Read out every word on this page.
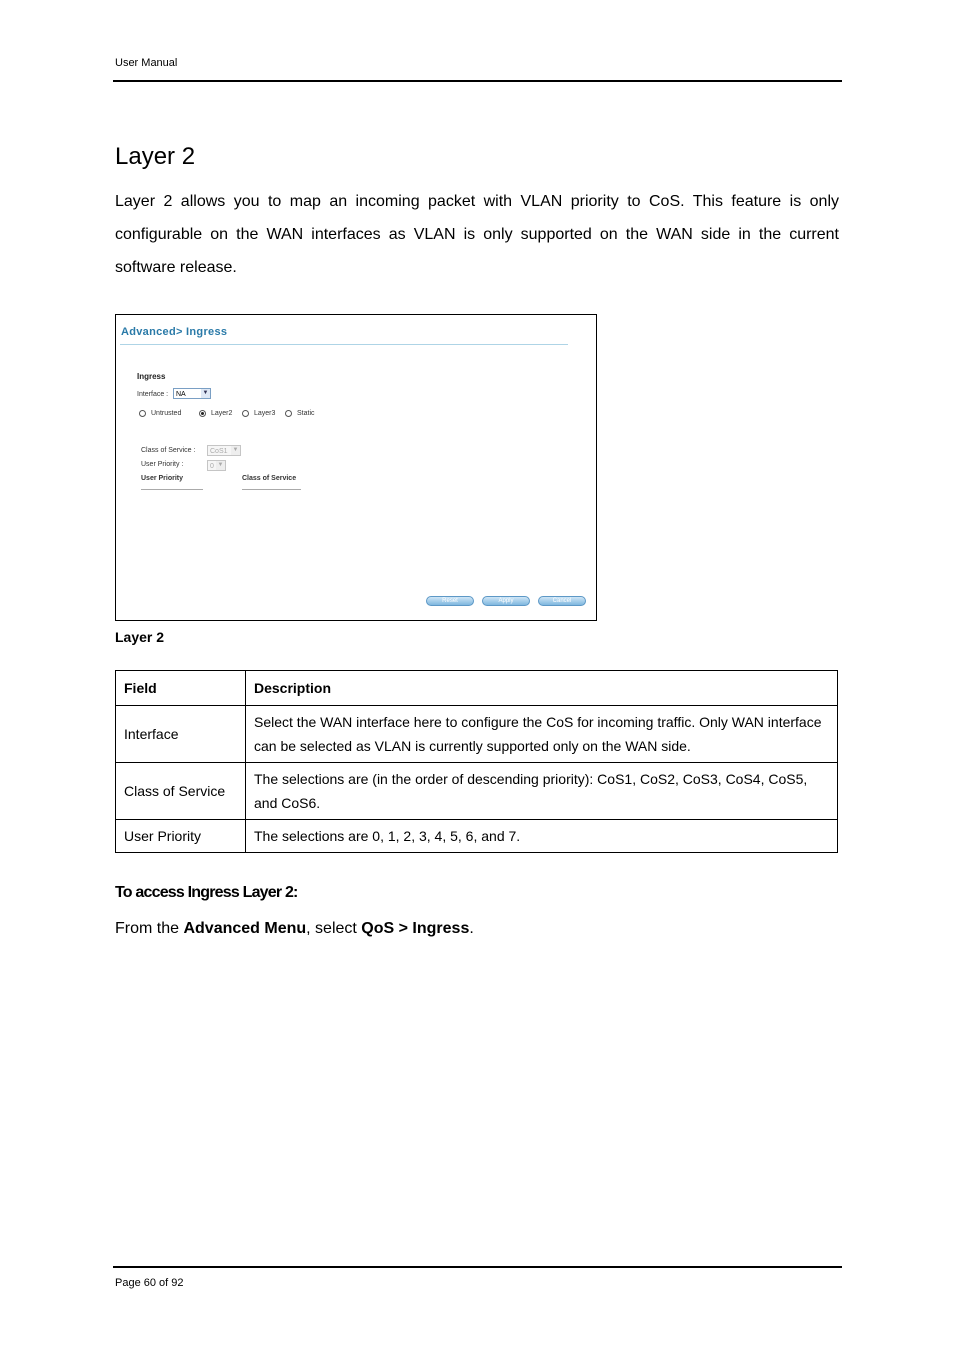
User Manual
Layer 2

Layer 2 allows you to map an incoming packet with VLAN priority to CoS. This feature is only configurable on the WAN interfaces as VLAN is only supported on the WAN side in the current software release.

Advanced> Ingress
Ingress
Interface :	NA	▼
Untrusted	Layer2	Layer3	Static
Class of Service :	CoS1 ▼
User Priority :	0 ▼
User Priority	Class of Service
Reset	Apply	Cancel
Layer 2
Field	Description
Interface	Select the WAN interface here to configure the CoS for incoming traffic. Only WAN interface can be selected as VLAN is currently supported only on the WAN side.
Class of Service	The selections are (in the order of descending priority): CoS1, CoS2, CoS3, CoS4, CoS5, and CoS6.
User Priority	The selections are 0, 1, 2, 3, 4, 5, 6, and 7.
To access Ingress Layer 2:

From the Advanced Menu, select QoS > Ingress.

Page 60 of 92
